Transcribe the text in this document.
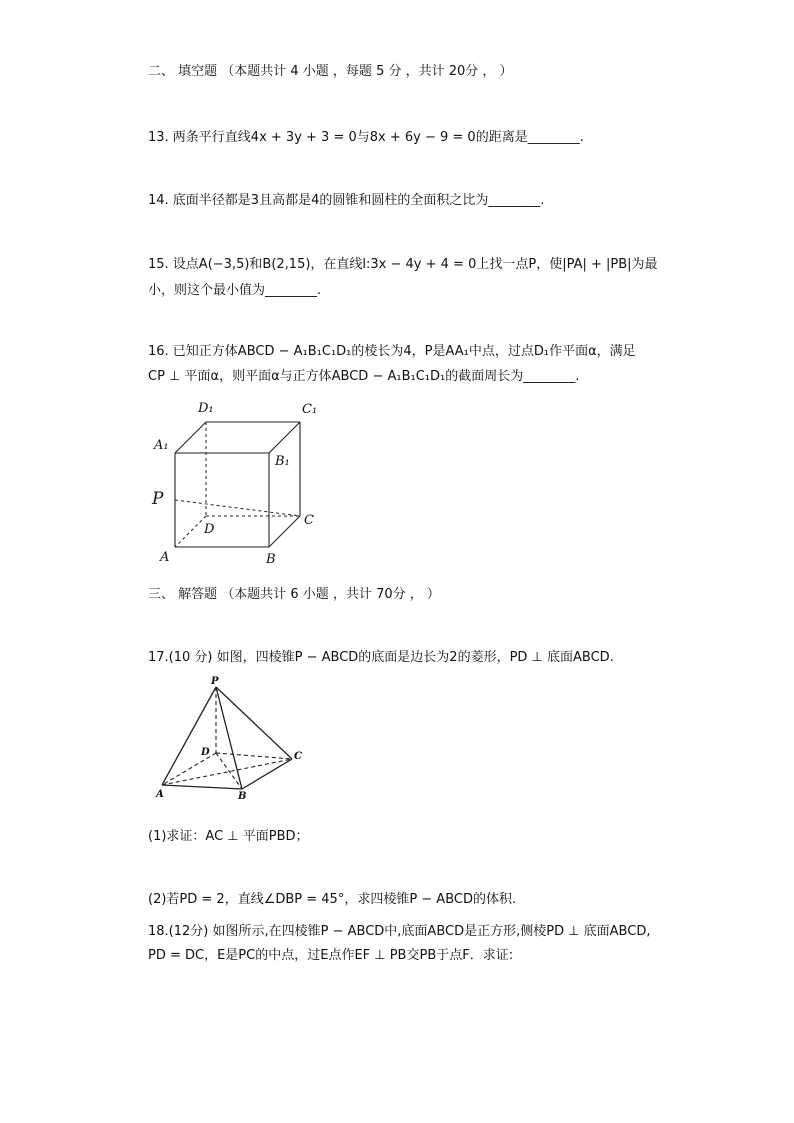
二、 填空题 （本题共计 4 小题 ，每题 5 分 ，共计 20分 ， ）
13. 两条平行直线4x + 3y + 3 = 0与8x + 6y − 9 = 0的距离是________.
14. 底面半径都是3且高都是4的圆锥和圆柱的全面积之比为________.
15. 设点A(−3,5)和B(2,15)，在直线l:3x − 4y + 4 = 0上找一点P，使|PA| + |PB|为最
小，则这个最小值为________.
16. 已知正方体ABCD − A₁B₁C₁D₁的棱长为4，P是AA₁中点，过点D₁作平面α，满足
CP ⊥ 平面α，则平面α与正方体ABCD − A₁B₁C₁D₁的截面周长为________.
D₁	C₁
A₁
B₁
P
C
D
A	B
三、 解答题 （本题共计 6 小题 ，共计 70分 ， ）
17.(10 分) 如图，四棱锥P − ABCD的底面是边长为2的菱形，PD ⊥ 底面ABCD.
P
D	C
A	B
(1)求证：AC ⊥ 平面PBD；
(2)若PD = 2，直线∠DBP = 45°，求四棱锥P − ABCD的体积.
18.(12分) 如图所示,在四棱锥P − ABCD中,底面ABCD是正方形,侧棱PD ⊥ 底面ABCD,
PD = DC，E是PC的中点，过E点作EF ⊥ PB交PB于点F．求证:
